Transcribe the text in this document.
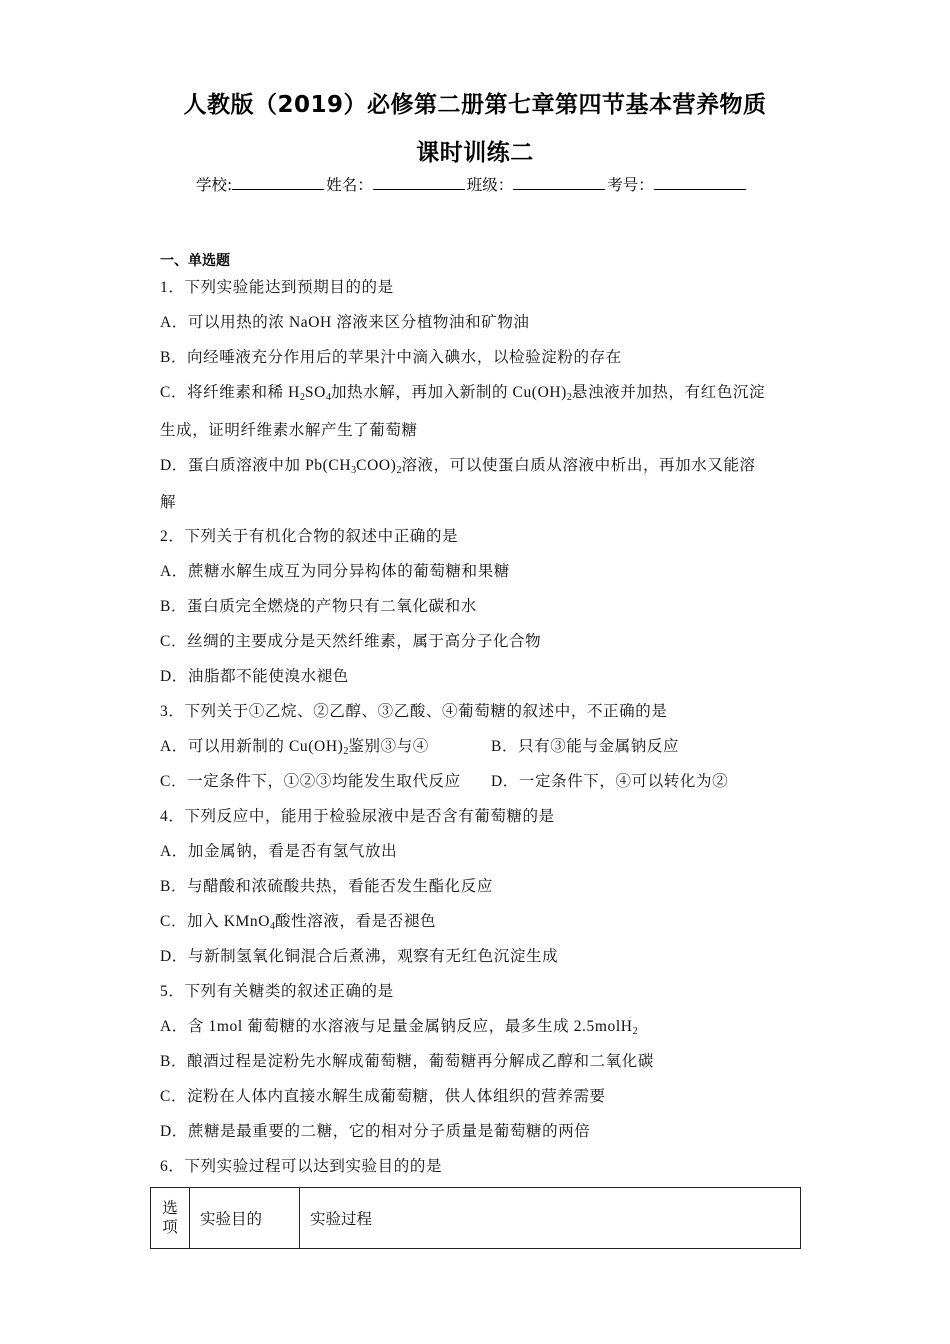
人教版（2019）必修第二册第七章第四节基本营养物质
课时训练二
学校:	姓名：	班级：	考号：
一、单选题
1．下列实验能达到预期目的的是
A．可以用热的浓 NaOH 溶液来区分植物油和矿物油
B．向经唾液充分作用后的苹果汁中滴入碘水，以检验淀粉的存在
C．将纤维素和稀 $H_2SO_4$加热水解，再加入新制的 $Cu(OH)_2$悬浊液并加热，有红色沉淀
生成，证明纤维素水解产生了葡萄糖
D．蛋白质溶液中加 $Pb(CH_3COO)_2$溶液，可以使蛋白质从溶液中析出，再加水又能溶
解
2．下列关于有机化合物的叙述中正确的是
A．蔗糖水解生成互为同分异构体的葡萄糖和果糖
B．蛋白质完全燃烧的产物只有二氧化碳和水
C．丝绸的主要成分是天然纤维素，属于高分子化合物
D．油脂都不能使溴水褪色
3．下列关于①乙烷、②乙醇、③乙酸、④葡萄糖的叙述中，不正确的是
A．可以用新制的 $Cu(OH)_2$鉴别③与④	B．只有③能与金属钠反应
C．一定条件下，①②③均能发生取代反应 D．一定条件下，④可以转化为②
4．下列反应中，能用于检验尿液中是否含有葡萄糖的是
A．加金属钠，看是否有氢气放出
B．与醋酸和浓硫酸共热，看能否发生酯化反应
C．加入 KMnO$_4$酸性溶液，看是否褪色
D．与新制氢氧化铜混合后煮沸，观察有无红色沉淀生成
5．下列有关糖类的叙述正确的是
A．含 1mol 葡萄糖的水溶液与足量金属钠反应，最多生成 2.5molH$_2$
B．酿酒过程是淀粉先水解成葡萄糖，葡萄糖再分解成乙醇和二氧化碳
C．淀粉在人体内直接水解生成葡萄糖，供人体组织的营养需要
D．蔗糖是最重要的二糖，它的相对分子质量是葡萄糖的两倍
6．下列实验过程可以达到实验目的的是
选
项	实验目的	实验过程
